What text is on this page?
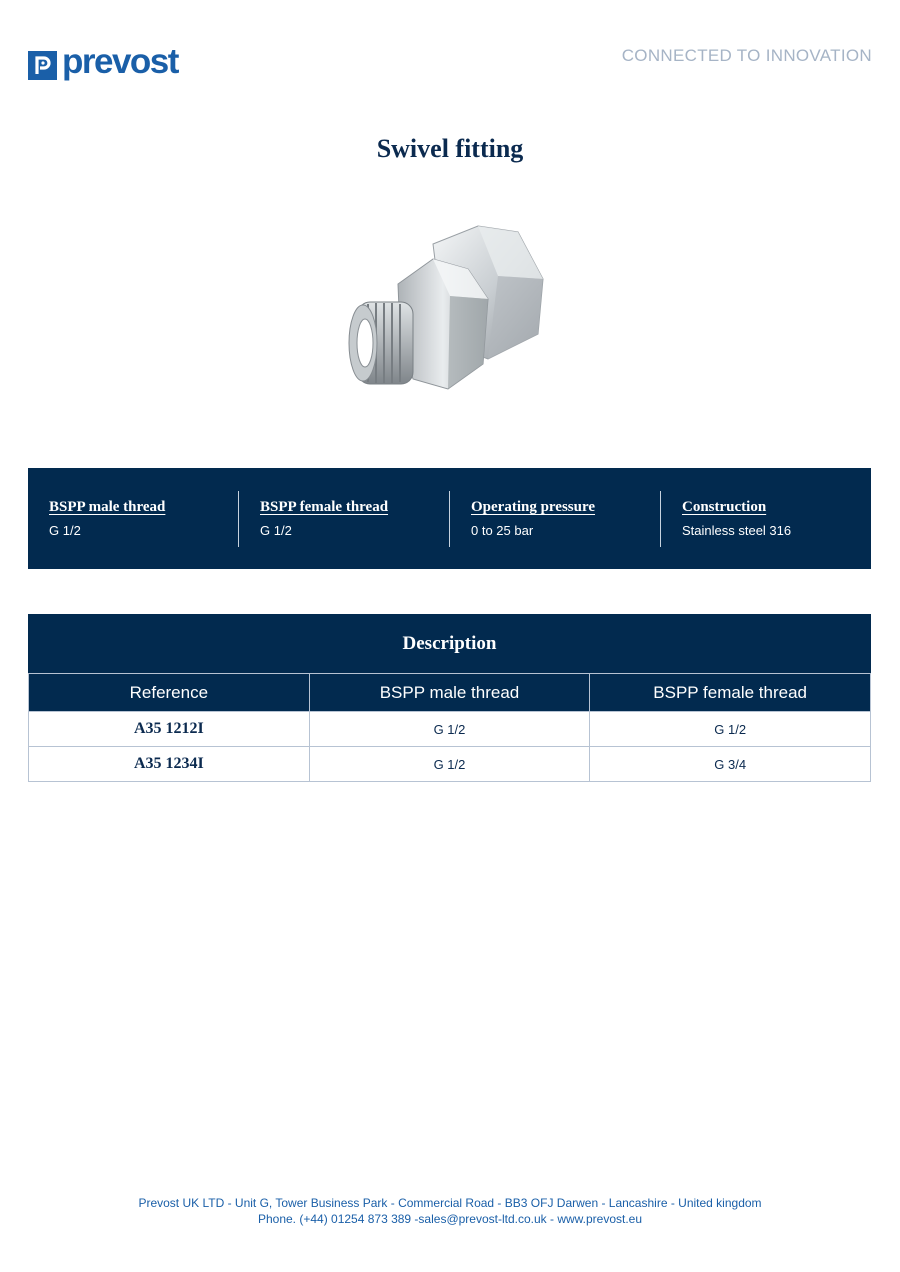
prevost	CONNECTED TO INNOVATION
Swivel fitting
BSPP male thread
G 1/2
BSPP female thread
G 1/2
Operating pressure
0 to 25 bar
Construction
Stainless steel 316
Description
Reference	BSPP male thread	BSPP female thread
A35 1212I	G 1/2	G 1/2
A35 1234I	G 1/2	G 3/4
Prevost UK LTD - Unit G, Tower Business Park - Commercial Road - BB3 OFJ Darwen - Lancashire - United kingdom
Phone. (+44) 01254 873 389 -sales@prevost-ltd.co.uk - www.prevost.eu
